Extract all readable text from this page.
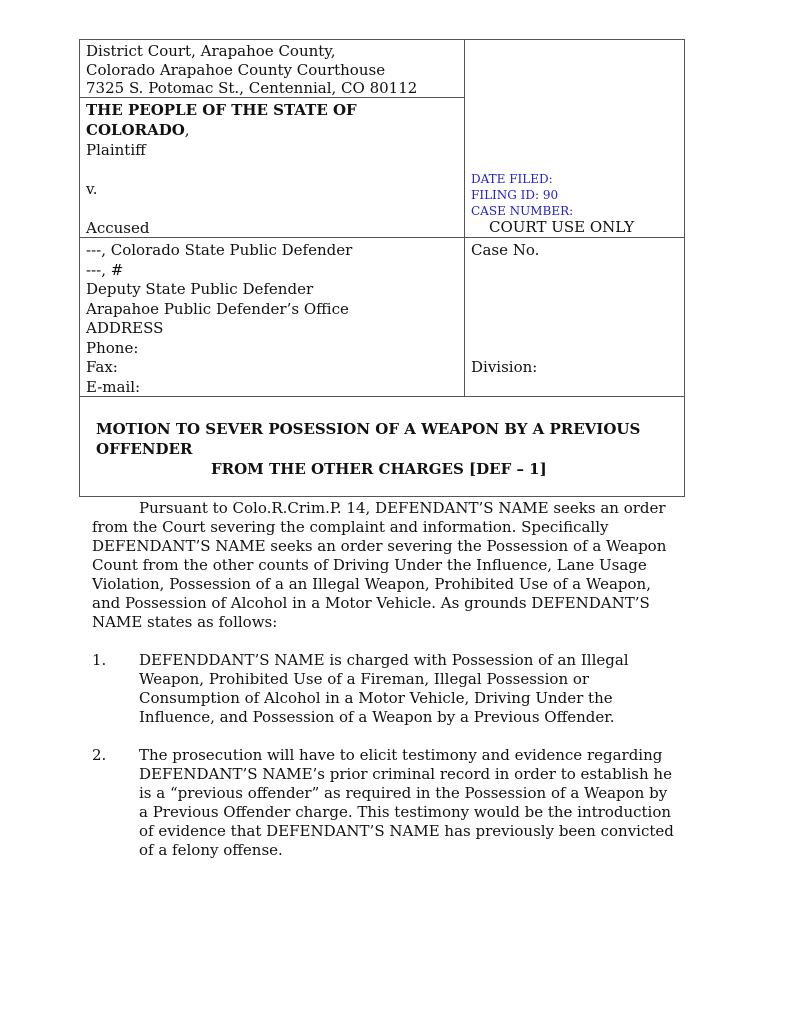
District Court, Arapahoe County,
Colorado Arapahoe County Courthouse
7325 S. Potomac St., Centennial, CO 80112
THE PEOPLE OF THE STATE OF
COLORADO,
Plaintiff
v.
Accused
DATE FILED:
FILING ID: 90
CASE NUMBER:
COURT USE ONLY
---, Colorado State Public Defender
---, #
Deputy State Public Defender
Arapahoe Public Defender’s Office
ADDRESS
Phone:
Fax:
E-mail:
Case No.
Division:
MOTION TO SEVER POSESSION OF A WEAPON BY A PREVIOUS
OFFENDER
FROM THE OTHER CHARGES [DEF – 1]
Pursuant to Colo.R.Crim.P. 14, DEFENDANT’S NAME seeks an order
from the Court severing the complaint and information. Specifically
DEFENDANT’S NAME seeks an order severing the Possession of a Weapon
Count from the other counts of Driving Under the Influence, Lane Usage
Violation, Possession of a an Illegal Weapon, Prohibited Use of a Weapon,
and Possession of Alcohol in a Motor Vehicle. As grounds DEFENDANT’S
NAME states as follows:
1. DEFENDDANT’S NAME is charged with Possession of an Illegal
Weapon, Prohibited Use of a Fireman, Illegal Possession or
Consumption of Alcohol in a Motor Vehicle, Driving Under the
Influence, and Possession of a Weapon by a Previous Offender.
2. The prosecution will have to elicit testimony and evidence regarding
DEFENDANT’S NAME’s prior criminal record in order to establish he
is a “previous offender” as required in the Possession of a Weapon by
a Previous Offender charge. This testimony would be the introduction
of evidence that DEFENDANT’S NAME has previously been convicted
of a felony offense.
